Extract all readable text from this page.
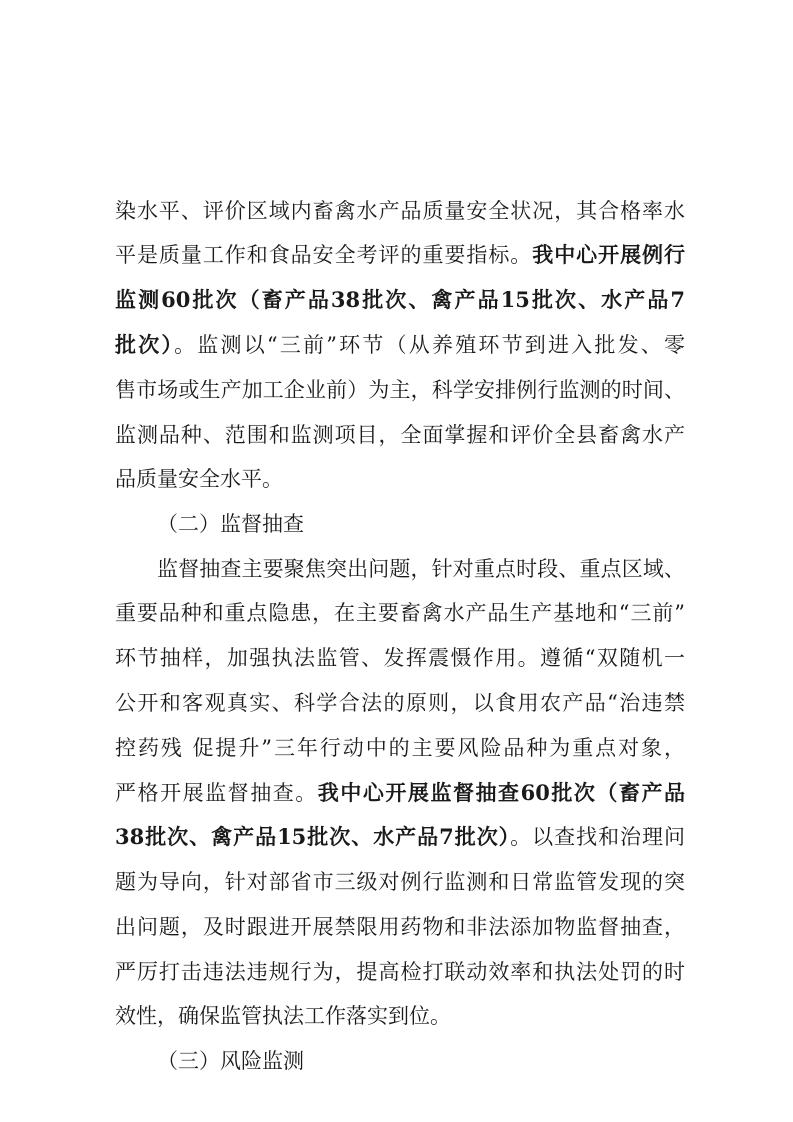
染水平、评价区域内畜禽水产品质量安全状况，其合格率水
平是质量工作和食品安全考评的重要指标。我中心开展例行
监测60批次（畜产品38批次、禽产品15批次、水产品7
批次）。监测以“三前”环节（从养殖环节到进入批发、零
售市场或生产加工企业前）为主，科学安排例行监测的时间、
监测品种、范围和监测项目，全面掌握和评价全县畜禽水产
品质量安全水平。
（二）监督抽查
监督抽查主要聚焦突出问题，针对重点时段、重点区域、
重要品种和重点隐患，在主要畜禽水产品生产基地和“三前”
环节抽样，加强执法监管、发挥震慑作用。遵循“双随机一
公开和客观真实、科学合法的原则，以食用农产品“治违禁
控药残 促提升”三年行动中的主要风险品种为重点对象，
严格开展监督抽查。我中心开展监督抽查60批次（畜产品
38批次、禽产品15批次、水产品7批次）。以查找和治理问
题为导向，针对部省市三级对例行监测和日常监管发现的突
出问题，及时跟进开展禁限用药物和非法添加物监督抽查，
严厉打击违法违规行为，提高检打联动效率和执法处罚的时
效性，确保监管执法工作落实到位。
（三）风险监测
